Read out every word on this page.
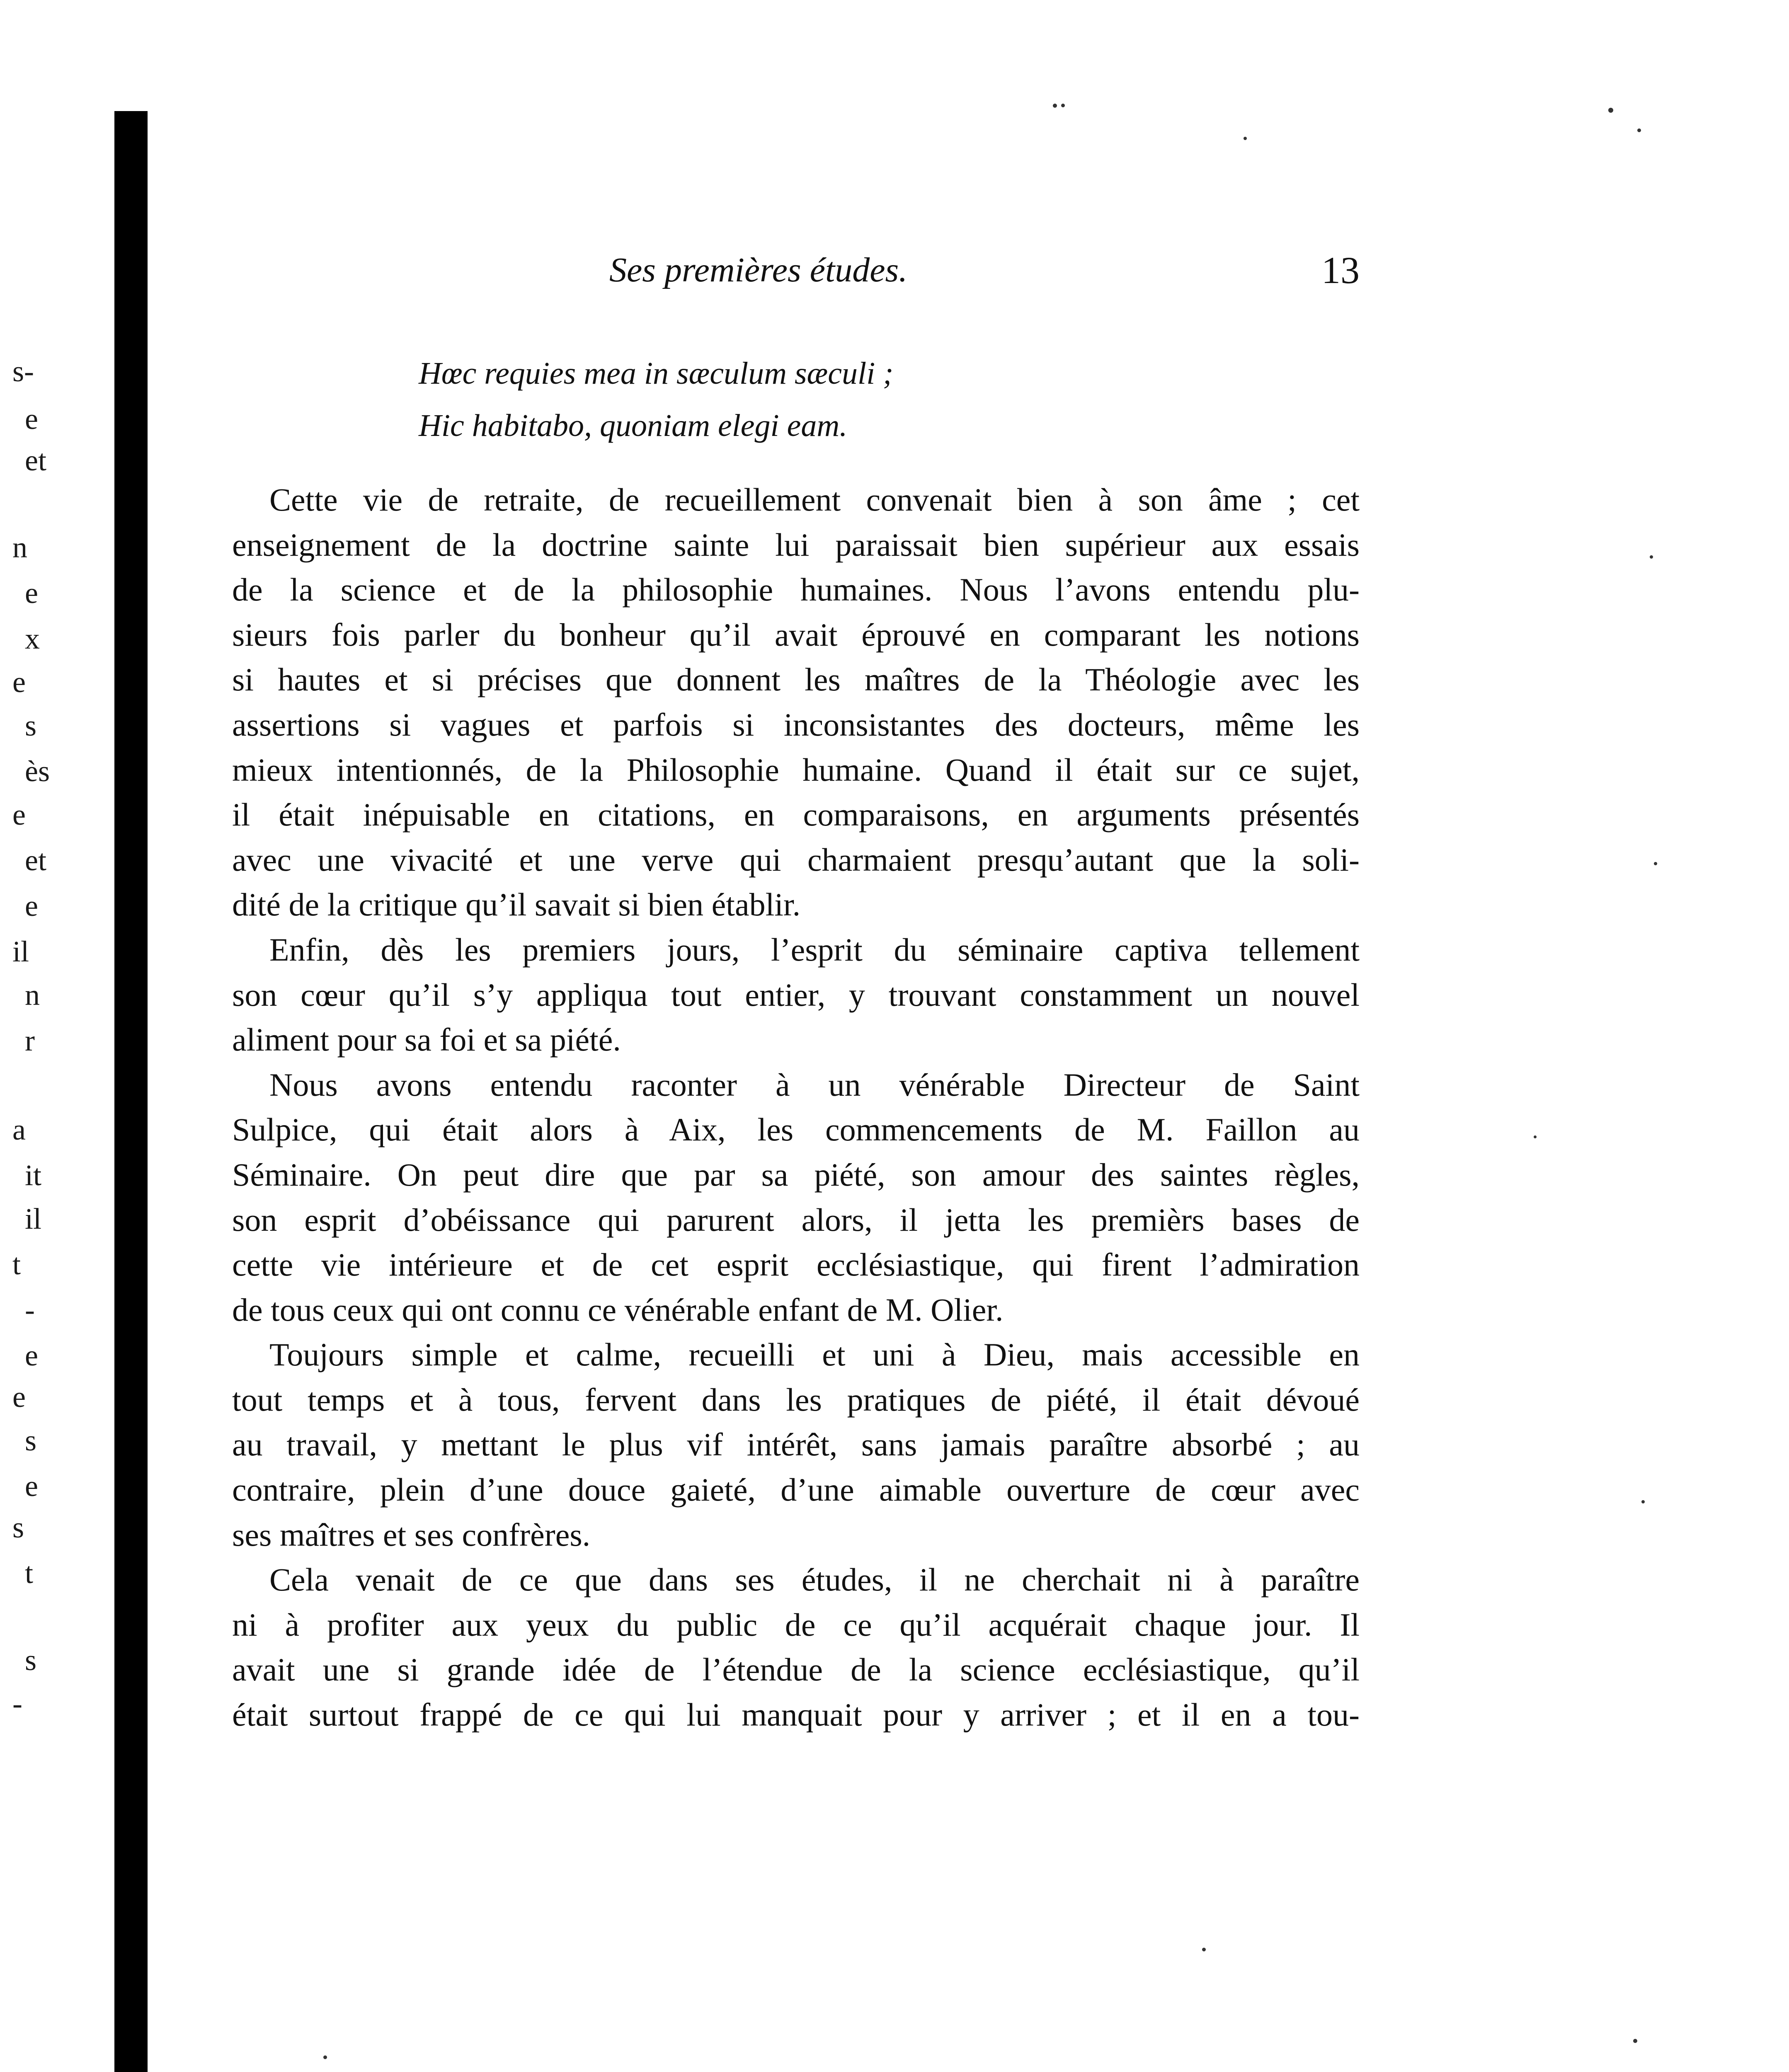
s-
e
et
n
e
x
e
s
ès
e
et
e
il
n
r
a
it
il
t
-
e
e
s
e
s
t
s
-
Ses premières études.	13
Hœc requies mea in sæculum sæculi ;
Hic habitabo, quoniam elegi eam.
Cette vie de retraite, de recueillement convenait bien à son âme ; cet
enseignement de la doctrine sainte lui paraissait bien supérieur aux essais
de la science et de la philosophie humaines. Nous l’avons entendu plu-
sieurs fois parler du bonheur qu’il avait éprouvé en comparant les notions
si hautes et si précises que donnent les maîtres de la Théologie avec les
assertions si vagues et parfois si inconsistantes des docteurs, même les
mieux intentionnés, de la Philosophie humaine. Quand il était sur ce sujet,
il était inépuisable en citations, en comparaisons, en arguments présentés
avec une vivacité et une verve qui charmaient presqu’autant que la soli-
dité de la critique qu’il savait si bien établir.
Enfin, dès les premiers jours, l’esprit du séminaire captiva tellement
son cœur qu’il s’y appliqua tout entier, y trouvant constamment un nouvel
aliment pour sa foi et sa piété.
Nous avons entendu raconter à un vénérable Directeur de Saint
Sulpice, qui était alors à Aix, les commencements de M. Faillon au
Séminaire. On peut dire que par sa piété, son amour des saintes règles,
son esprit d’obéissance qui parurent alors, il jetta les premièrs bases de
cette vie intérieure et de cet esprit ecclésiastique, qui firent l’admiration
de tous ceux qui ont connu ce vénérable enfant de M. Olier.
Toujours simple et calme, recueilli et uni à Dieu, mais accessible en
tout temps et à tous, fervent dans les pratiques de piété, il était dévoué
au travail, y mettant le plus vif intérêt, sans jamais paraître absorbé ; au
contraire, plein d’une douce gaieté, d’une aimable ouverture de cœur avec
ses maîtres et ses confrères.
Cela venait de ce que dans ses études, il ne cherchait ni à paraître
ni à profiter aux yeux du public de ce qu’il acquérait chaque jour. Il
avait une si grande idée de l’étendue de la science ecclésiastique, qu’il
était surtout frappé de ce qui lui manquait pour y arriver ; et il en a tou-
